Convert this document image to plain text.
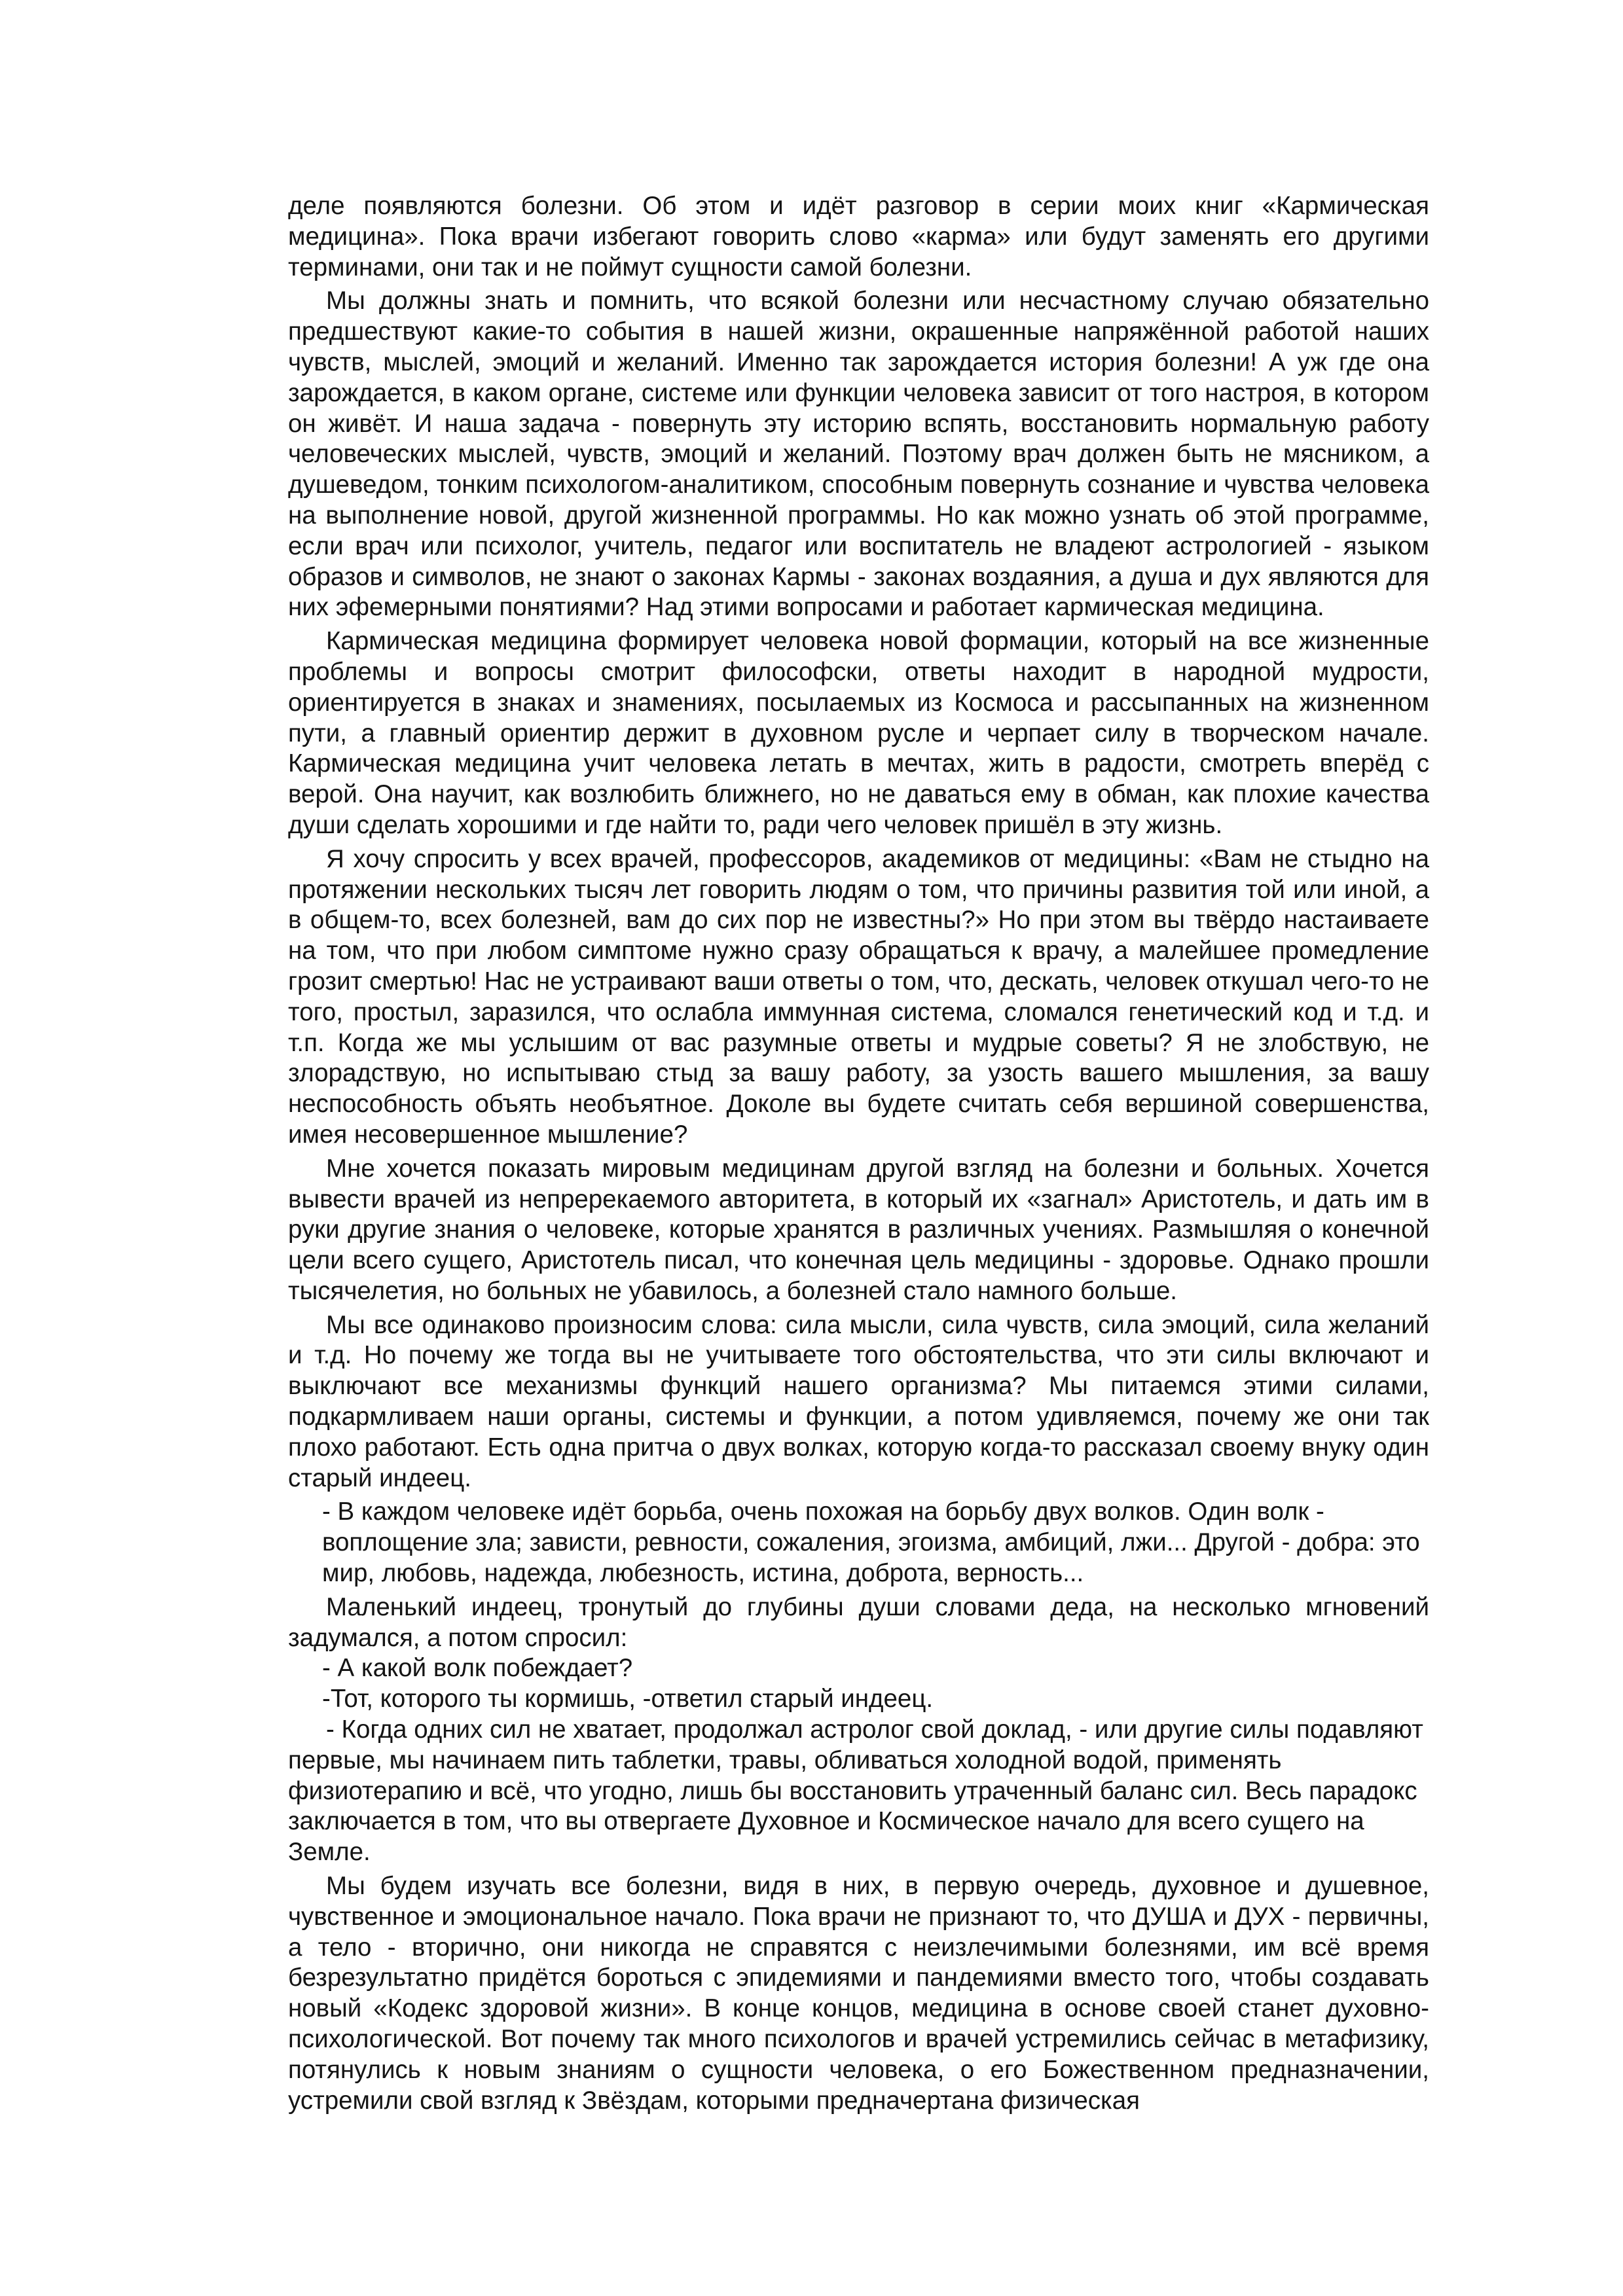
деле появляются болезни. Об этом и идёт разговор в серии моих книг «Кармическая медицина». Пока врачи избегают говорить слово «карма» или будут заменять его другими терминами, они так и не поймут сущности самой болезни.

Мы должны знать и помнить, что всякой болезни или несчастному случаю обязательно предшествуют какие-то события в нашей жизни, окрашенные напряжённой работой наших чувств, мыслей, эмоций и желаний. Именно так зарождается история болезни! А уж где она зарождается, в каком органе, системе или функции человека зависит от того настроя, в котором он живёт. И наша задача - повернуть эту историю вспять, восстановить нормальную работу человеческих мыслей, чувств, эмоций и желаний. Поэтому врач должен быть не мясником, а душеведом, тонким психологом-аналитиком, способным повернуть сознание и чувства человека на выполнение новой, другой жизненной программы. Но как можно узнать об этой программе, если врач или психолог, учитель, педагог или воспитатель не владеют астрологией - языком образов и символов, не знают о законах Кармы - законах воздаяния, а душа и дух являются для них эфемерными понятиями? Над этими вопросами и работает кармическая медицина.

Кармическая медицина формирует человека новой формации, который на все жизненные проблемы и вопросы смотрит философски, ответы находит в народной мудрости, ориентируется в знаках и знамениях, посылаемых из Космоса и рассыпанных на жизненном пути, а главный ориентир держит в духовном русле и черпает силу в творческом начале. Кармическая медицина учит человека летать в мечтах, жить в радости, смотреть вперёд с верой. Она научит, как возлюбить ближнего, но не даваться ему в обман, как плохие качества души сделать хорошими и где найти то, ради чего человек пришёл в эту жизнь.

Я хочу спросить у всех врачей, профессоров, академиков от медицины: «Вам не стыдно на протяжении нескольких тысяч лет говорить людям о том, что причины развития той или иной, а в общем-то, всех болезней, вам до сих пор не известны?» Но при этом вы твёрдо настаиваете на том, что при любом симптоме нужно сразу обращаться к врачу, а малейшее промедление грозит смертью! Нас не устраивают ваши ответы о том, что, дескать, человек откушал чего-то не того, простыл, заразился, что ослабла иммунная система, сломался генетический код и т.д. и т.п. Когда же мы услышим от вас разумные ответы и мудрые советы? Я не злобствую, не злорадствую, но испытываю стыд за вашу работу, за узость вашего мышления, за вашу неспособность объять необъятное. Доколе вы будете считать себя вершиной совершенства, имея несовершенное мышление?

Мне хочется показать мировым медицинам другой взгляд на болезни и больных. Хочется вывести врачей из непререкаемого авторитета, в который их «загнал» Аристотель, и дать им в руки другие знания о человеке, которые хранятся в различных учениях. Размышляя о конечной цели всего сущего, Аристотель писал, что конечная цель медицины - здоровье. Однако прошли тысячелетия, но больных не убавилось, а болезней стало намного больше.

Мы все одинаково произносим слова: сила мысли, сила чувств, сила эмоций, сила желаний и т.д. Но почему же тогда вы не учитываете того обстоятельства, что эти силы включают и выключают все механизмы функций нашего организма? Мы питаемся этими силами, подкармливаем наши органы, системы и функции, а потом удивляемся, почему же они так плохо работают. Есть одна притча о двух волках, которую когда-то рассказал своему внуку один старый индеец.

- В каждом человеке идёт борьба, очень похожая на борьбу двух волков. Один волк - воплощение зла; зависти, ревности, сожаления, эгоизма, амбиций, лжи... Другой - добра: это мир, любовь, надежда, любезность, истина, доброта, верность...

Маленький индеец, тронутый до глубины души словами деда, на несколько мгновений задумался, а потом спросил:

- А какой волк побеждает?
-Тот, которого ты кормишь, -ответил старый индеец.

- Когда одних сил не хватает, продолжал астролог свой доклад, - или другие силы подавляют первые, мы начинаем пить таблетки, травы, обливаться холодной водой, применять физиотерапию и всё, что угодно, лишь бы восстановить утраченный баланс сил. Весь парадокс заключается в том, что вы отвергаете Духовное и Космическое начало для всего сущего на Земле.

Мы будем изучать все болезни, видя в них, в первую очередь, духовное и душевное, чувственное и эмоциональное начало. Пока врачи не признают то, что ДУША и ДУХ - первичны, а тело - вторично, они никогда не справятся с неизлечимыми болезнями, им всё время безрезультатно придётся бороться с эпидемиями и пандемиями вместо того, чтобы создавать новый «Кодекс здоровой жизни». В конце концов, медицина в основе своей станет духовно-психологической. Вот почему так много психологов и врачей устремились сейчас в метафизику, потянулись к новым знаниям о сущности человека, о его Божественном предназначении, устремили свой взгляд к Звёздам, которыми предначертана физическая
